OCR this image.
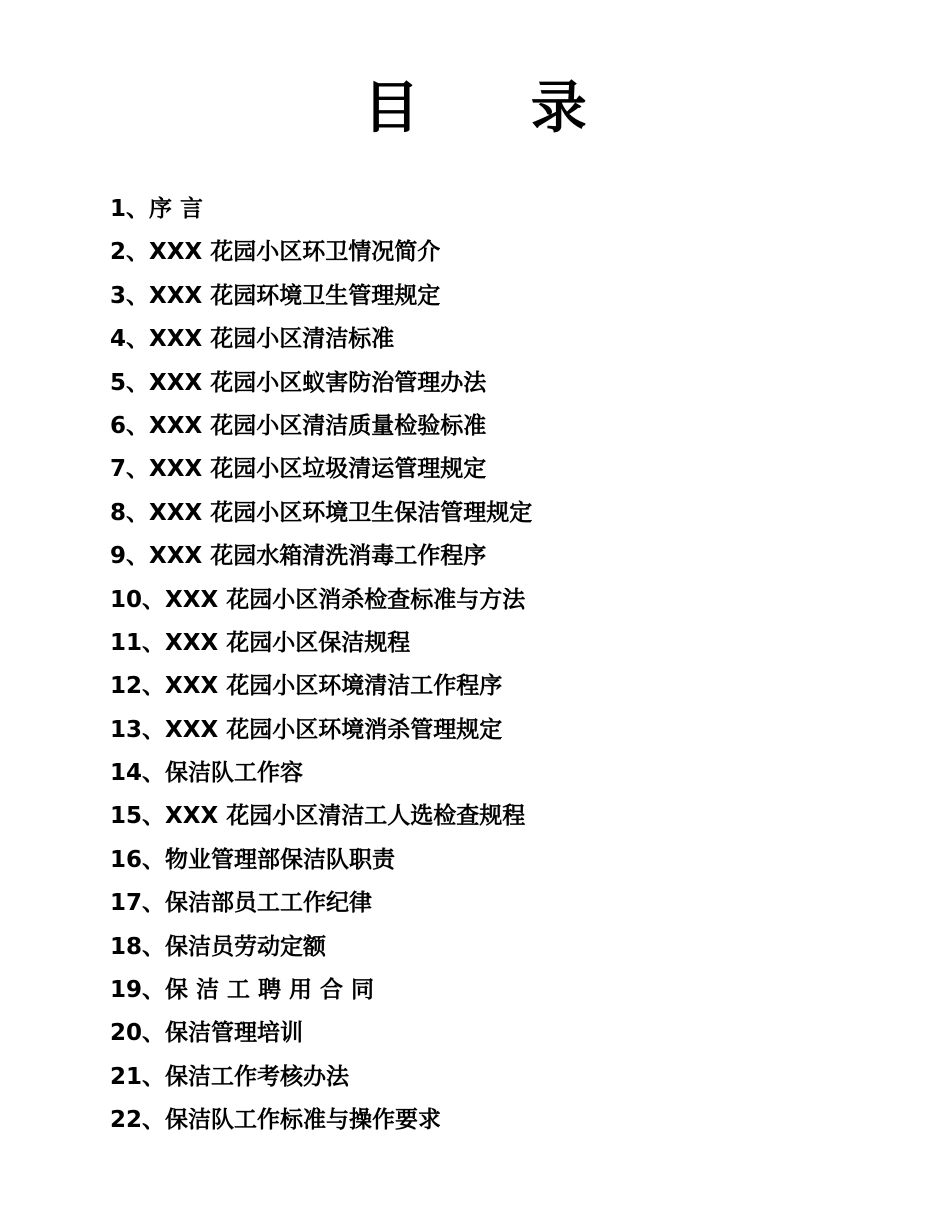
目 录
1、序 言
2、XXX 花园小区环卫情况简介
3、XXX 花园环境卫生管理规定
4、XXX 花园小区清洁标准
5、XXX 花园小区蚁害防治管理办法
6、XXX 花园小区清洁质量检验标准
7、XXX 花园小区垃圾清运管理规定
8、XXX 花园小区环境卫生保洁管理规定
9、XXX 花园水箱清洗消毒工作程序
10、XXX 花园小区消杀检查标准与方法
11、XXX 花园小区保洁规程
12、XXX 花园小区环境清洁工作程序
13、XXX 花园小区环境消杀管理规定
14、保洁队工作容
15、XXX 花园小区清洁工人选检查规程
16、物业管理部保洁队职责
17、保洁部员工工作纪律
18、保洁员劳动定额
19、保 洁 工 聘 用 合 同
20、保洁管理培训
21、保洁工作考核办法
22、保洁队工作标准与操作要求
